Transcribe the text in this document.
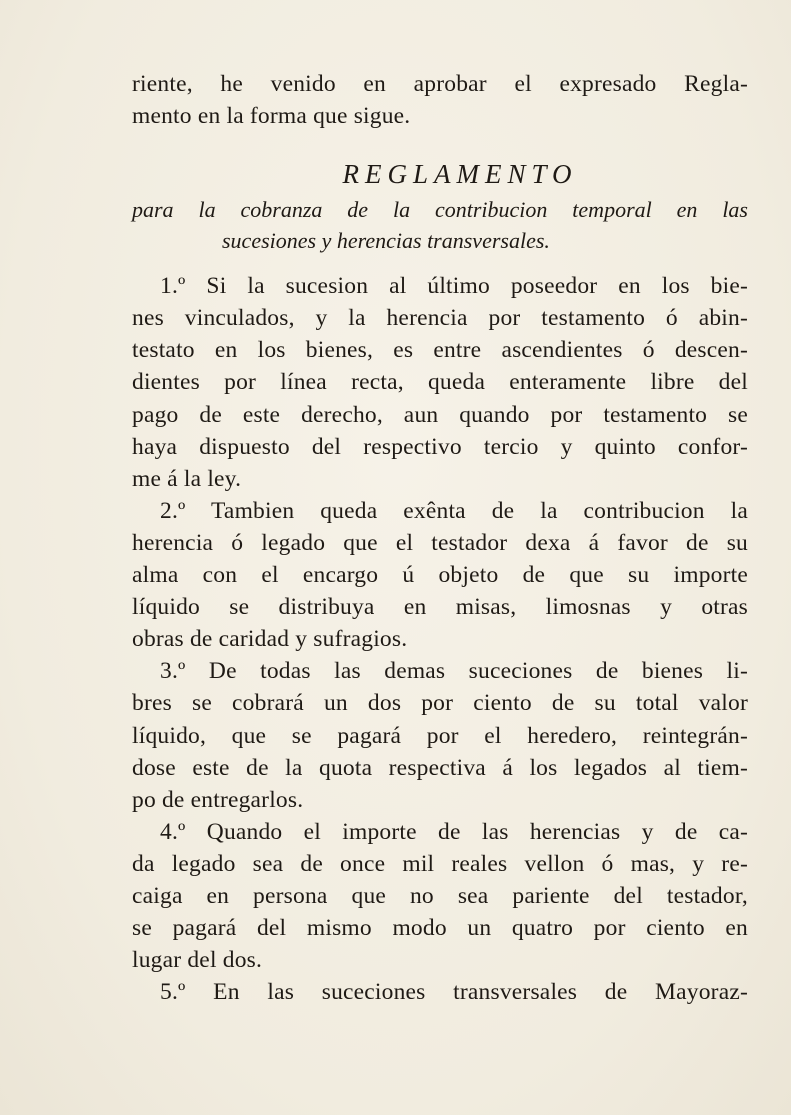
riente, he venido en aprobar el expresado Regla-
mento en la forma que sigue.
REGLAMENTO
para la cobranza de la contribucion temporal en las
sucesiones y herencias transversales.
1.º Si la sucesion al último poseedor en los bie-
nes vinculados, y la herencia por testamento ó abin-
testato en los bienes, es entre ascendientes ó descen-
dientes por línea recta, queda enteramente libre del
pago de este derecho, aun quando por testamento se
haya dispuesto del respectivo tercio y quinto confor-
me á la ley.
2.º Tambien queda exênta de la contribucion la
herencia ó legado que el testador dexa á favor de su
alma con el encargo ú objeto de que su importe
líquido se distribuya en misas, limosnas y otras
obras de caridad y sufragios.
3.º De todas las demas suceciones de bienes li-
bres se cobrará un dos por ciento de su total valor
líquido, que se pagará por el heredero, reintegrán-
dose este de la quota respectiva á los legados al tiem-
po de entregarlos.
4.º Quando el importe de las herencias y de ca-
da legado sea de once mil reales vellon ó mas, y re-
caiga en persona que no sea pariente del testador,
se pagará del mismo modo un quatro por ciento en
lugar del dos.
5.º En las suceciones transversales de Mayoraz-
